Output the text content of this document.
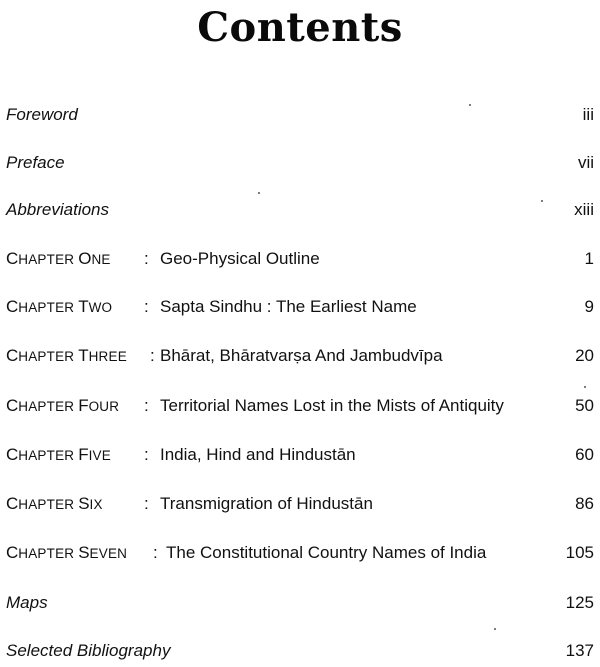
Contents
Foreword	iii
Preface	vii
Abbreviations	xiii
CHAPTER ONE : Geo-Physical Outline	1
CHAPTER TWO : Sapta Sindhu : The Earliest Name	9
CHAPTER THREE : Bhārat, Bhāratvarṣa And Jambudvīpa	20
CHAPTER FOUR : Territorial Names Lost in the Mists of Antiquity	50
CHAPTER FIVE : India, Hind and Hindustān	60
CHAPTER SIX : Transmigration of Hindustān	86
CHAPTER SEVEN : The Constitutional Country Names of India	105
Maps	125
Selected Bibliography	137
